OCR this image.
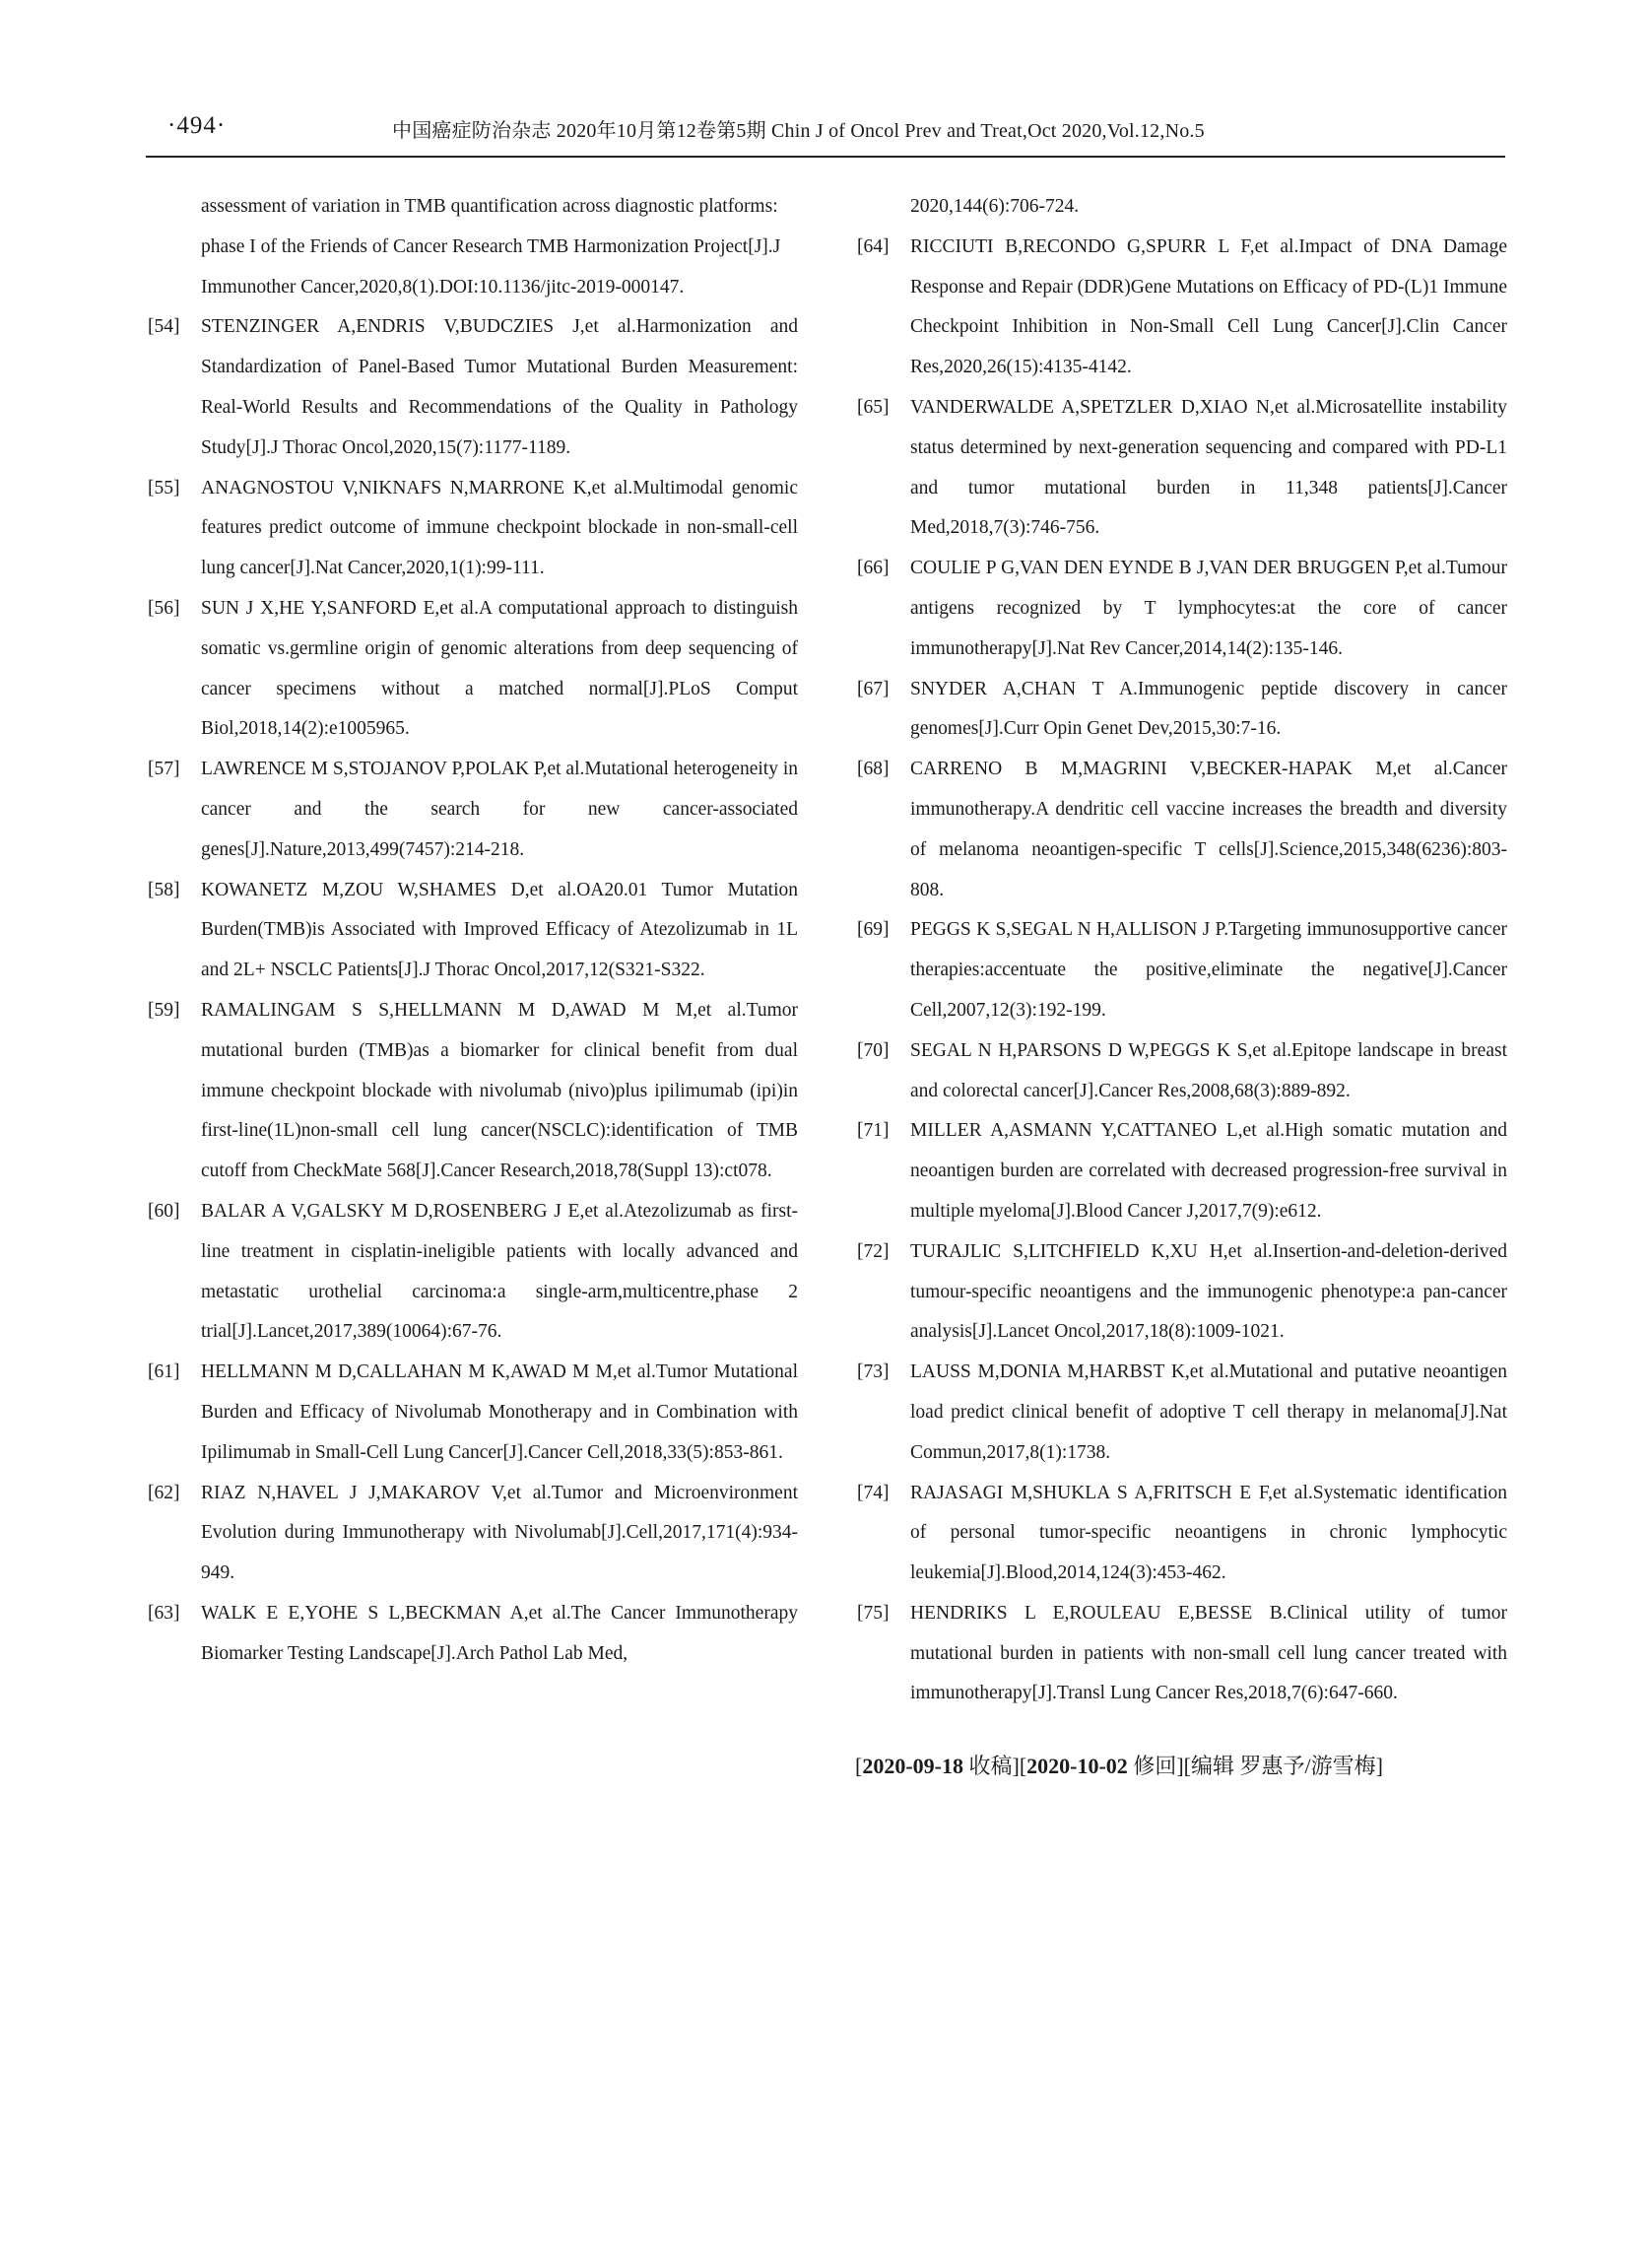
·494·	中国癌症防治杂志 2020年10月第12卷第5期 Chin J of Oncol Prev and Treat,Oct 2020,Vol.12,No.5
assessment of variation in TMB quantification across diagnostic platforms: phase I of the Friends of Cancer Research TMB Harmonization Project[J].J Immunother Cancer,2020,8(1).DOI:10.1136/jitc-2019-000147.
[54] STENZINGER A,ENDRIS V,BUDCZIES J,et al.Harmonization and Standardization of Panel-Based Tumor Mutational Burden Measurement: Real-World Results and Recommendations of the Quality in Pathology Study[J].J Thorac Oncol,2020,15(7):1177-1189.
[55] ANAGNOSTOU V,NIKNAFS N,MARRONE K,et al.Multimodal genomic features predict outcome of immune checkpoint blockade in non-small-cell lung cancer[J].Nat Cancer,2020,1(1):99-111.
[56] SUN J X,HE Y,SANFORD E,et al.A computational approach to distinguish somatic vs.germline origin of genomic alterations from deep sequencing of cancer specimens without a matched normal[J].PLoS Comput Biol,2018,14(2):e1005965.
[57] LAWRENCE M S,STOJANOV P,POLAK P,et al.Mutational heterogeneity in cancer and the search for new cancer-associated genes[J].Nature,2013,499(7457):214-218.
[58] KOWANETZ M,ZOU W,SHAMES D,et al.OA20.01 Tumor Mutation Burden(TMB)is Associated with Improved Efficacy of Atezolizumab in 1L and 2L+ NSCLC Patients[J].J Thorac Oncol,2017,12(S321-S322.
[59] RAMALINGAM S S,HELLMANN M D,AWAD M M,et al.Tumor mutational burden (TMB)as a biomarker for clinical benefit from dual immune checkpoint blockade with nivolumab (nivo)plus ipilimumab (ipi)in first-line(1L)non-small cell lung cancer(NSCLC):identification of TMB cutoff from CheckMate 568[J].Cancer Research,2018,78(Suppl 13):ct078.
[60] BALAR A V,GALSKY M D,ROSENBERG J E,et al.Atezolizumab as first-line treatment in cisplatin-ineligible patients with locally advanced and metastatic urothelial carcinoma:a single-arm,multicentre,phase 2 trial[J].Lancet,2017,389(10064):67-76.
[61] HELLMANN M D,CALLAHAN M K,AWAD M M,et al.Tumor Mutational Burden and Efficacy of Nivolumab Monotherapy and in Combination with Ipilimumab in Small-Cell Lung Cancer[J].Cancer Cell,2018,33(5):853-861.
[62] RIAZ N,HAVEL J J,MAKAROV V,et al.Tumor and Microenvironment Evolution during Immunotherapy with Nivolumab[J].Cell,2017,171(4):934-949.
[63] WALK E E,YOHE S L,BECKMAN A,et al.The Cancer Immunotherapy Biomarker Testing Landscape[J].Arch Pathol Lab Med,
2020,144(6):706-724.
[64] RICCIUTI B,RECONDO G,SPURR L F,et al.Impact of DNA Damage Response and Repair (DDR)Gene Mutations on Efficacy of PD-(L)1 Immune Checkpoint Inhibition in Non-Small Cell Lung Cancer[J].Clin Cancer Res,2020,26(15):4135-4142.
[65] VANDERWALDE A,SPETZLER D,XIAO N,et al.Microsatellite instability status determined by next-generation sequencing and compared with PD-L1 and tumor mutational burden in 11,348 patients[J].Cancer Med,2018,7(3):746-756.
[66] COULIE P G,VAN DEN EYNDE B J,VAN DER BRUGGEN P,et al.Tumour antigens recognized by T lymphocytes:at the core of cancer immunotherapy[J].Nat Rev Cancer,2014,14(2):135-146.
[67] SNYDER A,CHAN T A.Immunogenic peptide discovery in cancer genomes[J].Curr Opin Genet Dev,2015,30:7-16.
[68] CARRENO B M,MAGRINI V,BECKER-HAPAK M,et al.Cancer immunotherapy.A dendritic cell vaccine increases the breadth and diversity of melanoma neoantigen-specific T cells[J].Science,2015,348(6236):803-808.
[69] PEGGS K S,SEGAL N H,ALLISON J P.Targeting immunosupportive cancer therapies:accentuate the positive,eliminate the negative[J].Cancer Cell,2007,12(3):192-199.
[70] SEGAL N H,PARSONS D W,PEGGS K S,et al.Epitope landscape in breast and colorectal cancer[J].Cancer Res,2008,68(3):889-892.
[71] MILLER A,ASMANN Y,CATTANEO L,et al.High somatic mutation and neoantigen burden are correlated with decreased progression-free survival in multiple myeloma[J].Blood Cancer J,2017,7(9):e612.
[72] TURAJLIC S,LITCHFIELD K,XU H,et al.Insertion-and-deletion-derived tumour-specific neoantigens and the immunogenic phenotype:a pan-cancer analysis[J].Lancet Oncol,2017,18(8):1009-1021.
[73] LAUSS M,DONIA M,HARBST K,et al.Mutational and putative neoantigen load predict clinical benefit of adoptive T cell therapy in melanoma[J].Nat Commun,2017,8(1):1738.
[74] RAJASAGI M,SHUKLA S A,FRITSCH E F,et al.Systematic identification of personal tumor-specific neoantigens in chronic lymphocytic leukemia[J].Blood,2014,124(3):453-462.
[75] HENDRIKS L E,ROULEAU E,BESSE B.Clinical utility of tumor mutational burden in patients with non-small cell lung cancer treated with immunotherapy[J].Transl Lung Cancer Res,2018,7(6):647-660.
[2020-09-18 收稿][2020-10-02 修回][编辑 罗惠予/游雪梅]
